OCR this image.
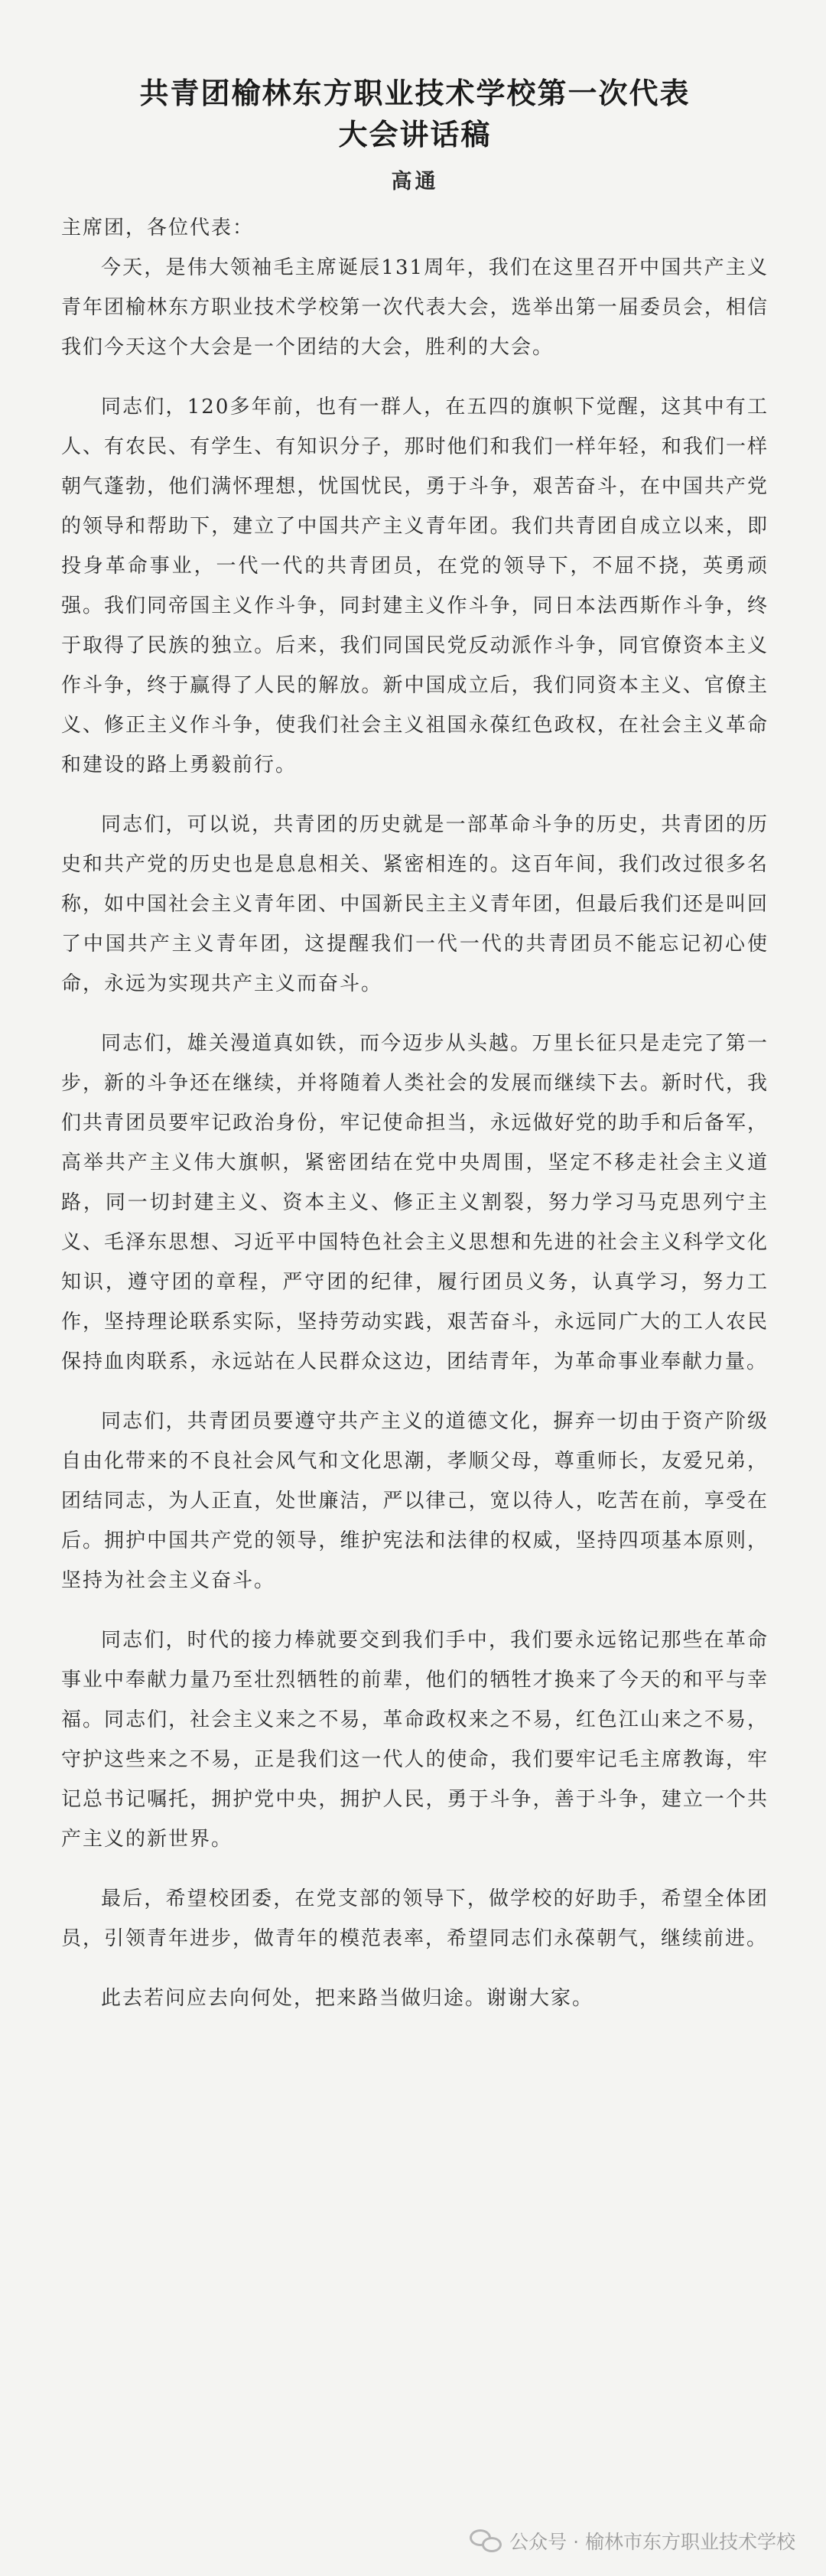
共青团榆林东方职业技术学校第一次代表
大会讲话稿
高通
主席团，各位代表：

今天，是伟大领袖毛主席诞辰131周年，我们在这里召开中国共产主义青年团榆林东方职业技术学校第一次代表大会，选举出第一届委员会，相信我们今天这个大会是一个团结的大会，胜利的大会。

同志们，120多年前，也有一群人，在五四的旗帜下觉醒，这其中有工人、有农民、有学生、有知识分子，那时他们和我们一样年轻，和我们一样朝气蓬勃，他们满怀理想，忧国忧民，勇于斗争，艰苦奋斗，在中国共产党的领导和帮助下，建立了中国共产主义青年团。我们共青团自成立以来，即投身革命事业，一代一代的共青团员，在党的领导下，不屈不挠，英勇顽强。我们同帝国主义作斗争，同封建主义作斗争，同日本法西斯作斗争，终于取得了民族的独立。后来，我们同国民党反动派作斗争，同官僚资本主义作斗争，终于赢得了人民的解放。新中国成立后，我们同资本主义、官僚主义、修正主义作斗争，使我们社会主义祖国永葆红色政权，在社会主义革命和建设的路上勇毅前行。

同志们，可以说，共青团的历史就是一部革命斗争的历史，共青团的历史和共产党的历史也是息息相关、紧密相连的。这百年间，我们改过很多名称，如中国社会主义青年团、中国新民主主义青年团，但最后我们还是叫回了中国共产主义青年团，这提醒我们一代一代的共青团员不能忘记初心使命，永远为实现共产主义而奋斗。

同志们，雄关漫道真如铁，而今迈步从头越。万里长征只是走完了第一步，新的斗争还在继续，并将随着人类社会的发展而继续下去。新时代，我们共青团员要牢记政治身份，牢记使命担当，永远做好党的助手和后备军，高举共产主义伟大旗帜，紧密团结在党中央周围，坚定不移走社会主义道路，同一切封建主义、资本主义、修正主义割裂，努力学习马克思列宁主义、毛泽东思想、习近平中国特色社会主义思想和先进的社会主义科学文化知识，遵守团的章程，严守团的纪律，履行团员义务，认真学习，努力工作，坚持理论联系实际，坚持劳动实践，艰苦奋斗，永远同广大的工人农民保持血肉联系，永远站在人民群众这边，团结青年，为革命事业奉献力量。

同志们，共青团员要遵守共产主义的道德文化，摒弃一切由于资产阶级自由化带来的不良社会风气和文化思潮，孝顺父母，尊重师长，友爱兄弟，团结同志，为人正直，处世廉洁，严以律己，宽以待人，吃苦在前，享受在后。拥护中国共产党的领导，维护宪法和法律的权威，坚持四项基本原则，坚持为社会主义奋斗。

同志们，时代的接力棒就要交到我们手中，我们要永远铭记那些在革命事业中奉献力量乃至壮烈牺牲的前辈，他们的牺牲才换来了今天的和平与幸福。同志们，社会主义来之不易，革命政权来之不易，红色江山来之不易，守护这些来之不易，正是我们这一代人的使命，我们要牢记毛主席教诲，牢记总书记嘱托，拥护党中央，拥护人民，勇于斗争，善于斗争，建立一个共产主义的新世界。

最后，希望校团委，在党支部的领导下，做学校的好助手，希望全体团员，引领青年进步，做青年的模范表率，希望同志们永葆朝气，继续前进。

此去若问应去向何处，把来路当做归途。谢谢大家。

公众号 · 榆林市东方职业技术学校
